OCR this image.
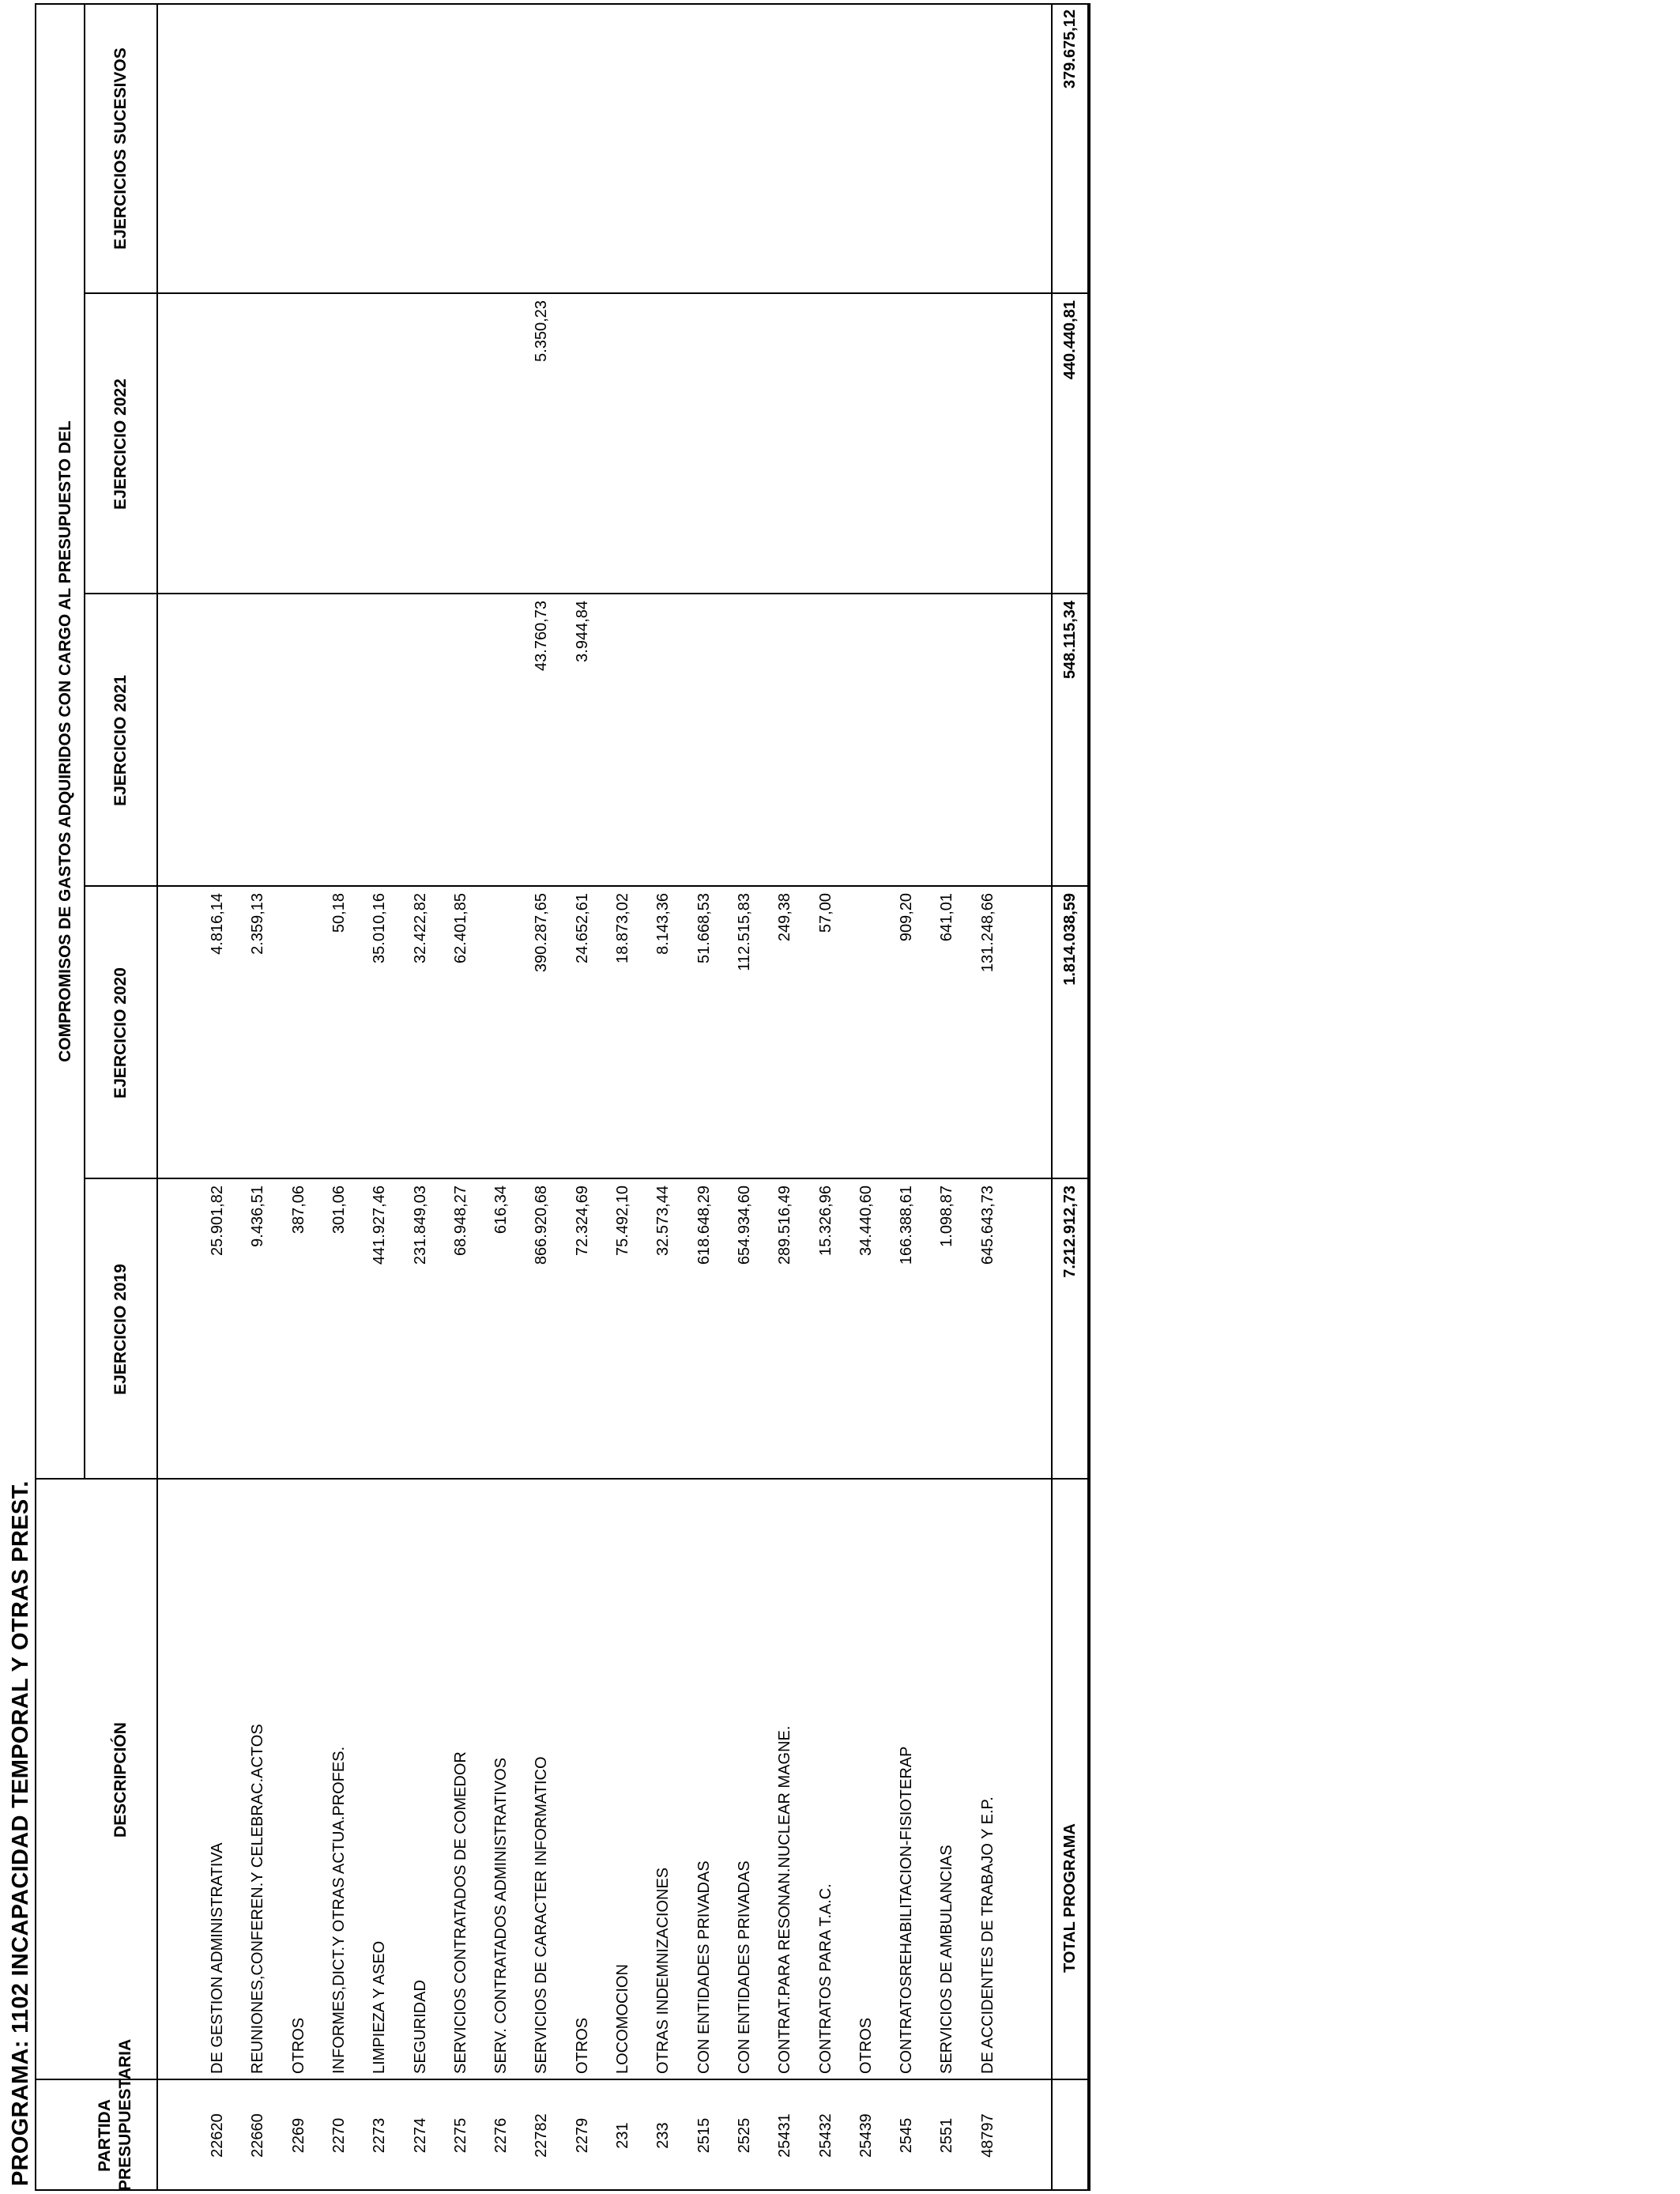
PROGRAMA: 1102 INCAPACIDAD TEMPORAL Y OTRAS PREST.	PARTIDA
PRESUPUESTARIA
DESCRIPCIÓN
COMPROMISOS DE GASTOS ADQUIRIDOS CON CARGO AL PRESUPUESTO DEL
EJERCICIO 2019
EJERCICIO 2020
EJERCICIO 2021
EJERCICIO 2022
EJERCICIOS SUCESIVOS
22620
DE GESTION ADMINISTRATIVA
25.901,82
4.816,14
22660
REUNIONES,CONFEREN.Y CELEBRAC.ACTOS
9.436,51
2.359,13
2269
OTROS
387,06
2270
INFORMES,DICT.Y OTRAS ACTUA.PROFES.
301,06
50,18
2273
LIMPIEZA Y ASEO
441.927,46
35.010,16
2274
SEGURIDAD
231.849,03
32.422,82
2275
SERVICIOS CONTRATADOS DE COMEDOR
68.948,27
62.401,85
2276
SERV. CONTRATADOS ADMINISTRATIVOS
616,34
22782
SERVICIOS DE CARACTER INFORMATICO
866.920,68
390.287,65
43.760,73
5.350,23
2279
OTROS
72.324,69
24.652,61
3.944,84
231
LOCOMOCION
75.492,10
18.873,02
233
OTRAS INDEMNIZACIONES
32.573,44
8.143,36
2515
CON ENTIDADES PRIVADAS
618.648,29
51.668,53
2525
CON ENTIDADES PRIVADAS
654.934,60
112.515,83
25431
CONTRAT.PARA RESONAN.NUCLEAR MAGNE.
289.516,49
249,38
25432
CONTRATOS PARA T.A.C.
15.326,96
57,00
25439
OTROS
34.440,60
2545
CONTRATOSREHABILITACION-FISIOTERAP
166.388,61
909,20
2551
SERVICIOS DE AMBULANCIAS
1.098,87
641,01
48797
DE ACCIDENTES DE TRABAJO Y E.P.
645.643,73
131.248,66
TOTAL PROGRAMA
7.212.912,73
1.814.038,59
548.115,34
440.440,81
379.675,12
